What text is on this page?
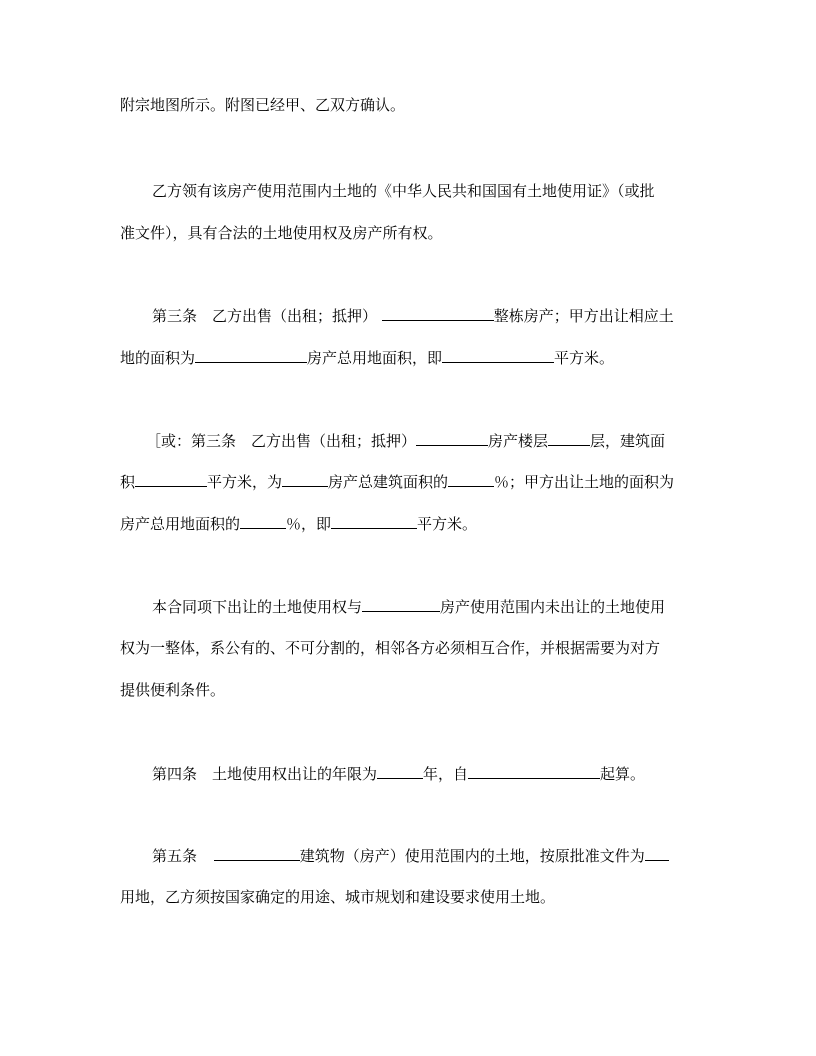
附宗地图所示。附图已经甲、乙双方确认。
乙方领有该房产使用范围内土地的《中华人民共和国国有土地使用证》（或批
准文件），具有合法的土地使用权及房产所有权。
第三条　乙方出售（出租；抵押）	整栋房产；甲方出让相应土
地的面积为	房产总用地面积，即	平方米。
［或：第三条　乙方出售（出租；抵押）	房产楼层	层，建筑面
积	平方米，为	房产总建筑面积的	％；甲方出让土地的面积为
房产总用地面积的	％，即	平方米。
本合同项下出让的土地使用权与	房产使用范围内未出让的土地使用
权为一整体，系公有的、不可分割的，相邻各方必须相互合作，并根据需要为对方
提供便利条件。
第四条　土地使用权出让的年限为	年，自	起算。
第五条	建筑物（房产）使用范围内的土地，按原批准文件为
用地，乙方须按国家确定的用途、城市规划和建设要求使用土地。
